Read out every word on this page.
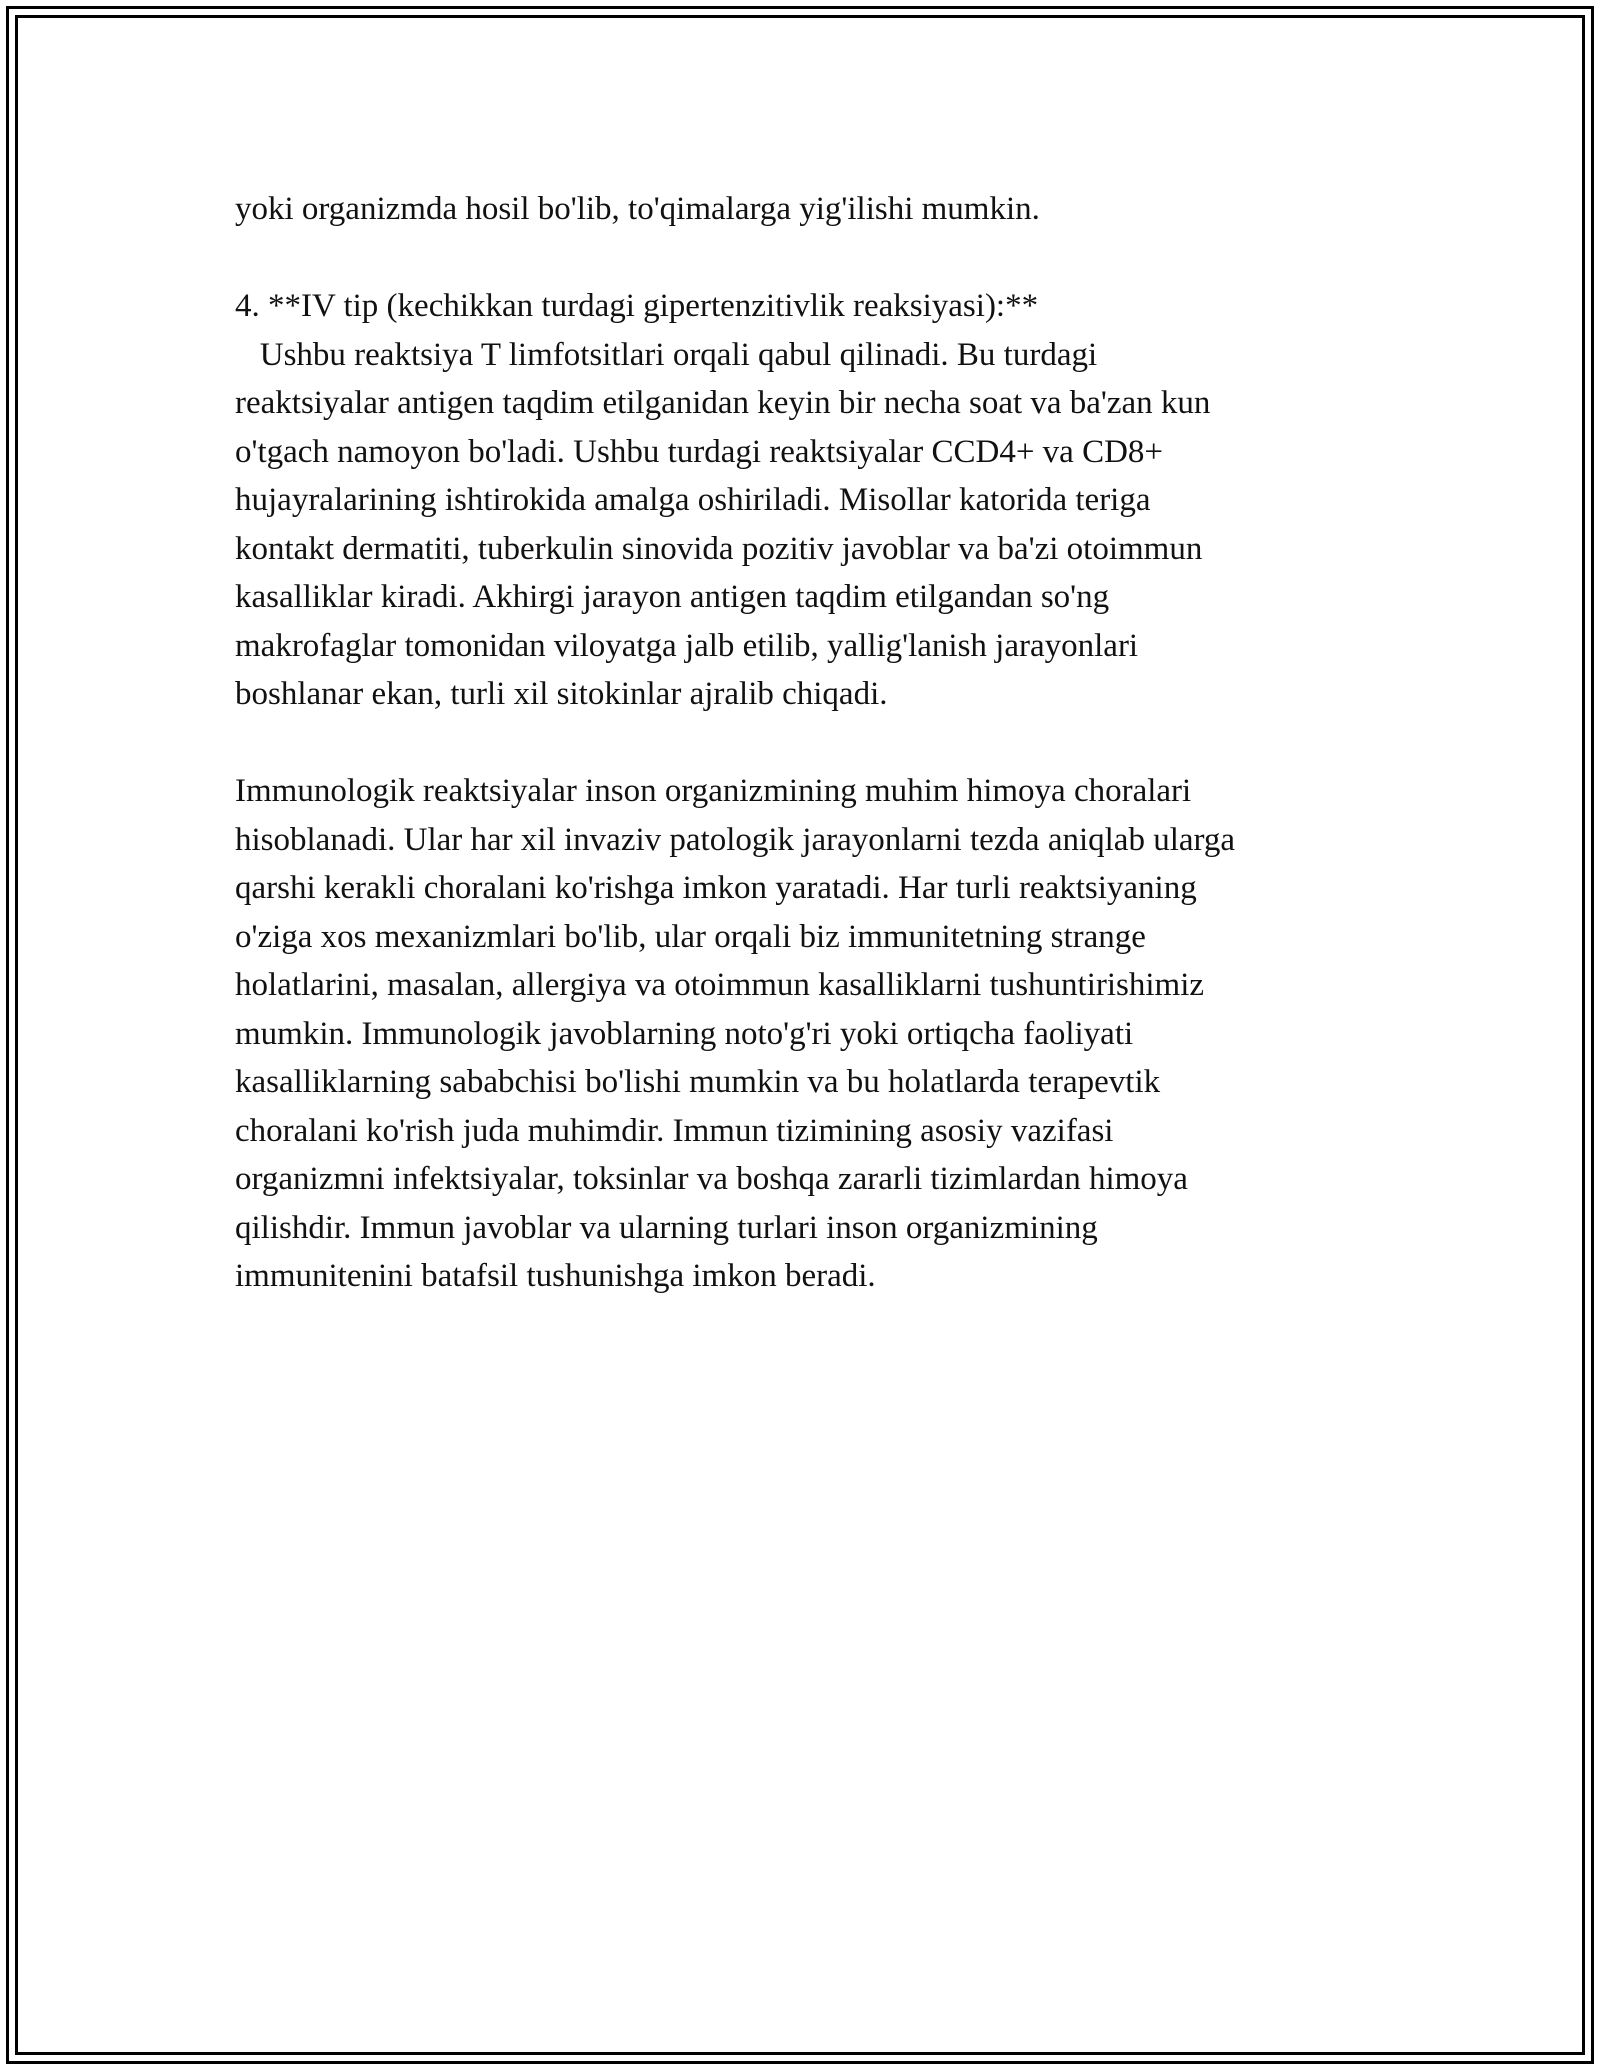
yoki organizmda hosil bo'lib, to'qimalarga yig'ilishi mumkin.
4. **IV tip (kechikkan turdagi gipertenzitivlik reaksiyasi):**
Ushbu reaktsiya T limfotsitlari orqali qabul qilinadi. Bu turdagi
reaktsiyalar antigen taqdim etilganidan keyin bir necha soat va ba'zan kun
o'tgach namoyon bo'ladi. Ushbu turdagi reaktsiyalar CCD4+ va CD8+
hujayralarining ishtirokida amalga oshiriladi. Misollar katorida teriga
kontakt dermatiti, tuberkulin sinovida pozitiv javoblar va ba'zi otoimmun
kasalliklar kiradi. Akhirgi jarayon antigen taqdim etilgandan so'ng
makrofaglar tomonidan viloyatga jalb etilib, yallig'lanish jarayonlari
boshlanar ekan, turli xil sitokinlar ajralib chiqadi.
Immunologik reaktsiyalar inson organizmining muhim himoya choralari
hisoblanadi. Ular har xil invaziv patologik jarayonlarni tezda aniqlab ularga
qarshi kerakli choralani ko'rishga imkon yaratadi. Har turli reaktsiyaning
o'ziga xos mexanizmlari bo'lib, ular orqali biz immunitetning strange
holatlarini, masalan, allergiya va otoimmun kasalliklarni tushuntirishimiz
mumkin. Immunologik javoblarning noto'g'ri yoki ortiqcha faoliyati
kasalliklarning sababchisi bo'lishi mumkin va bu holatlarda terapevtik
choralani ko'rish juda muhimdir. Immun tizimining asosiy vazifasi
organizmni infektsiyalar, toksinlar va boshqa zararli tizimlardan himoya
qilishdir. Immun javoblar va ularning turlari inson organizmining
immunitenini batafsil tushunishga imkon beradi.
